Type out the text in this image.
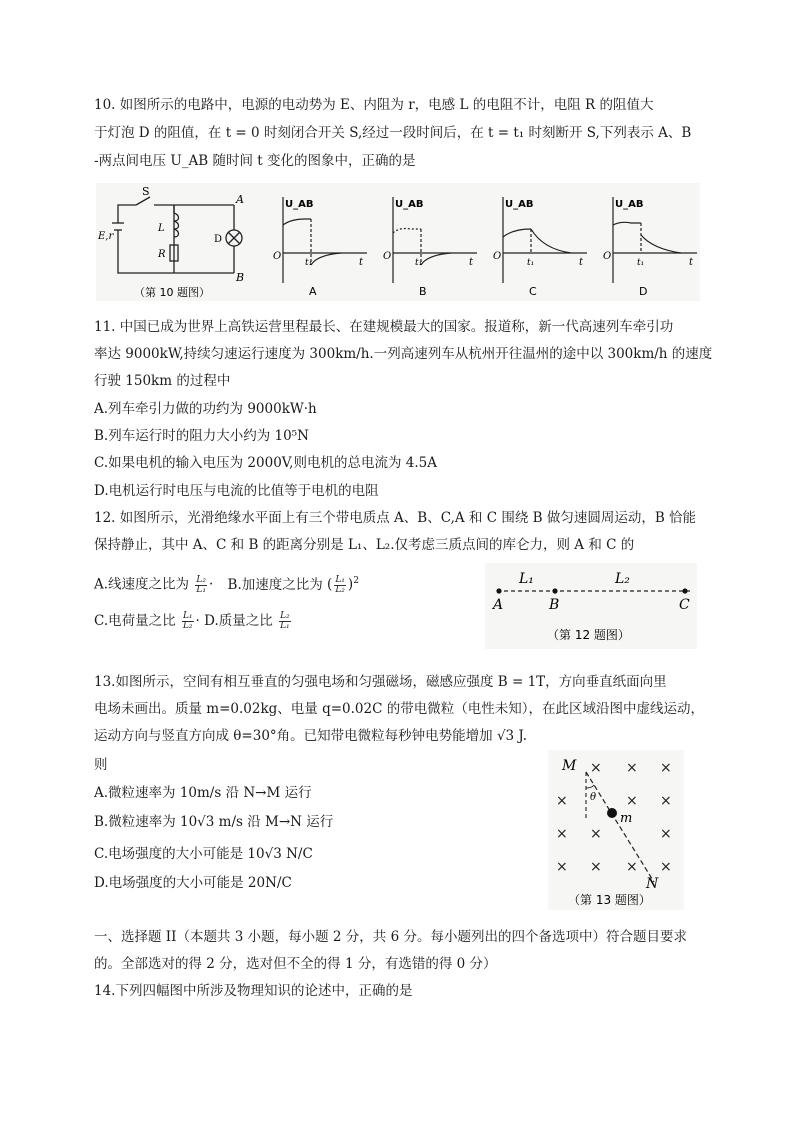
10. 如图所示的电路中，电源的电动势为 E、内阻为 r，电感 L 的电阻不计，电阻 R 的阻值大
于灯泡 D 的阻值，在 t = 0 时刻闭合开关 S,经过一段时间后，在 t = t₁ 时刻断开 S,下列表示 A、B
-两点间电压 U_AB 随时间 t 变化的图象中，正确的是
S
A
B
E,r
L
R
D
（第 10 题图）
U_AB
O
t₁	t
A
U_AB
O
t₁	t
B
U_AB
O
t₁	t
C
U_AB
O
t₁	t
D
11. 中国已成为世界上高铁运营里程最长、在建规模最大的国家。报道称，新一代高速列车牵引功
率达 9000kW,持续匀速运行速度为 300km/h.一列高速列车从杭州开往温州的途中以 300km/h 的速度
行驶 150km 的过程中
A.列车牵引力做的功约为 9000kW·h
B.列车运行时的阻力大小约为 10⁵N
C.如果电机的输入电压为 2000V,则电机的总电流为 4.5A
D.电机运行时电压与电流的比值等于电机的电阻
12. 如图所示，光滑绝缘水平面上有三个带电质点 A、B、C,A 和 C 围绕 B 做匀速圆周运动，B 恰能
保持静止，其中 A、C 和 B 的距离分别是 L₁、L₂.仅考虑三质点间的库仑力，则 A 和 C 的
A.线速度之比为 $\frac{\text{L₂}}{\text{L₁}} \cdot B$.加速度之比为 ( $\frac{\text{L₁}}{\text{L₂}} )^2$
C.电荷量之比 $\frac{\text{L₁}}{\text{L₂}} \cdot D$.质量之比 $\frac{\text{L₂}}{\text{L₁}}$
L₁	L₂
A	B	C
（第 12 题图）
13.如图所示，空间有相互垂直的匀强电场和匀强磁场，磁感应强度 B = 1T，方向垂直纸面向里
电场未画出。质量 m=0.02kg、电量 q=0.02C 的带电微粒（电性未知），在此区域沿图中虚线运动，
运动方向与竖直方向成 θ=30°角。已知带电微粒每秒钟电势能增加 √3 J.
则
A.微粒速率为 10m/s 沿 N→M 运行
B.微粒速率为 10√3 m/s 沿 M→N 运行
C.电场强度的大小可能是 10√3 N/C
D.电场强度的大小可能是 20N/C
× × ×
×	× ×
× ×	×
× × × ×
M
N
m
θ
（第 13 题图）
一、选择题 II（本题共 3 小题，每小题 2 分，共 6 分。每小题列出的四个备选项中）符合题目要求
的。全部选对的得 2 分，选对但不全的得 1 分，有选错的得 0 分）
14.下列四幅图中所涉及物理知识的论述中，正确的是
